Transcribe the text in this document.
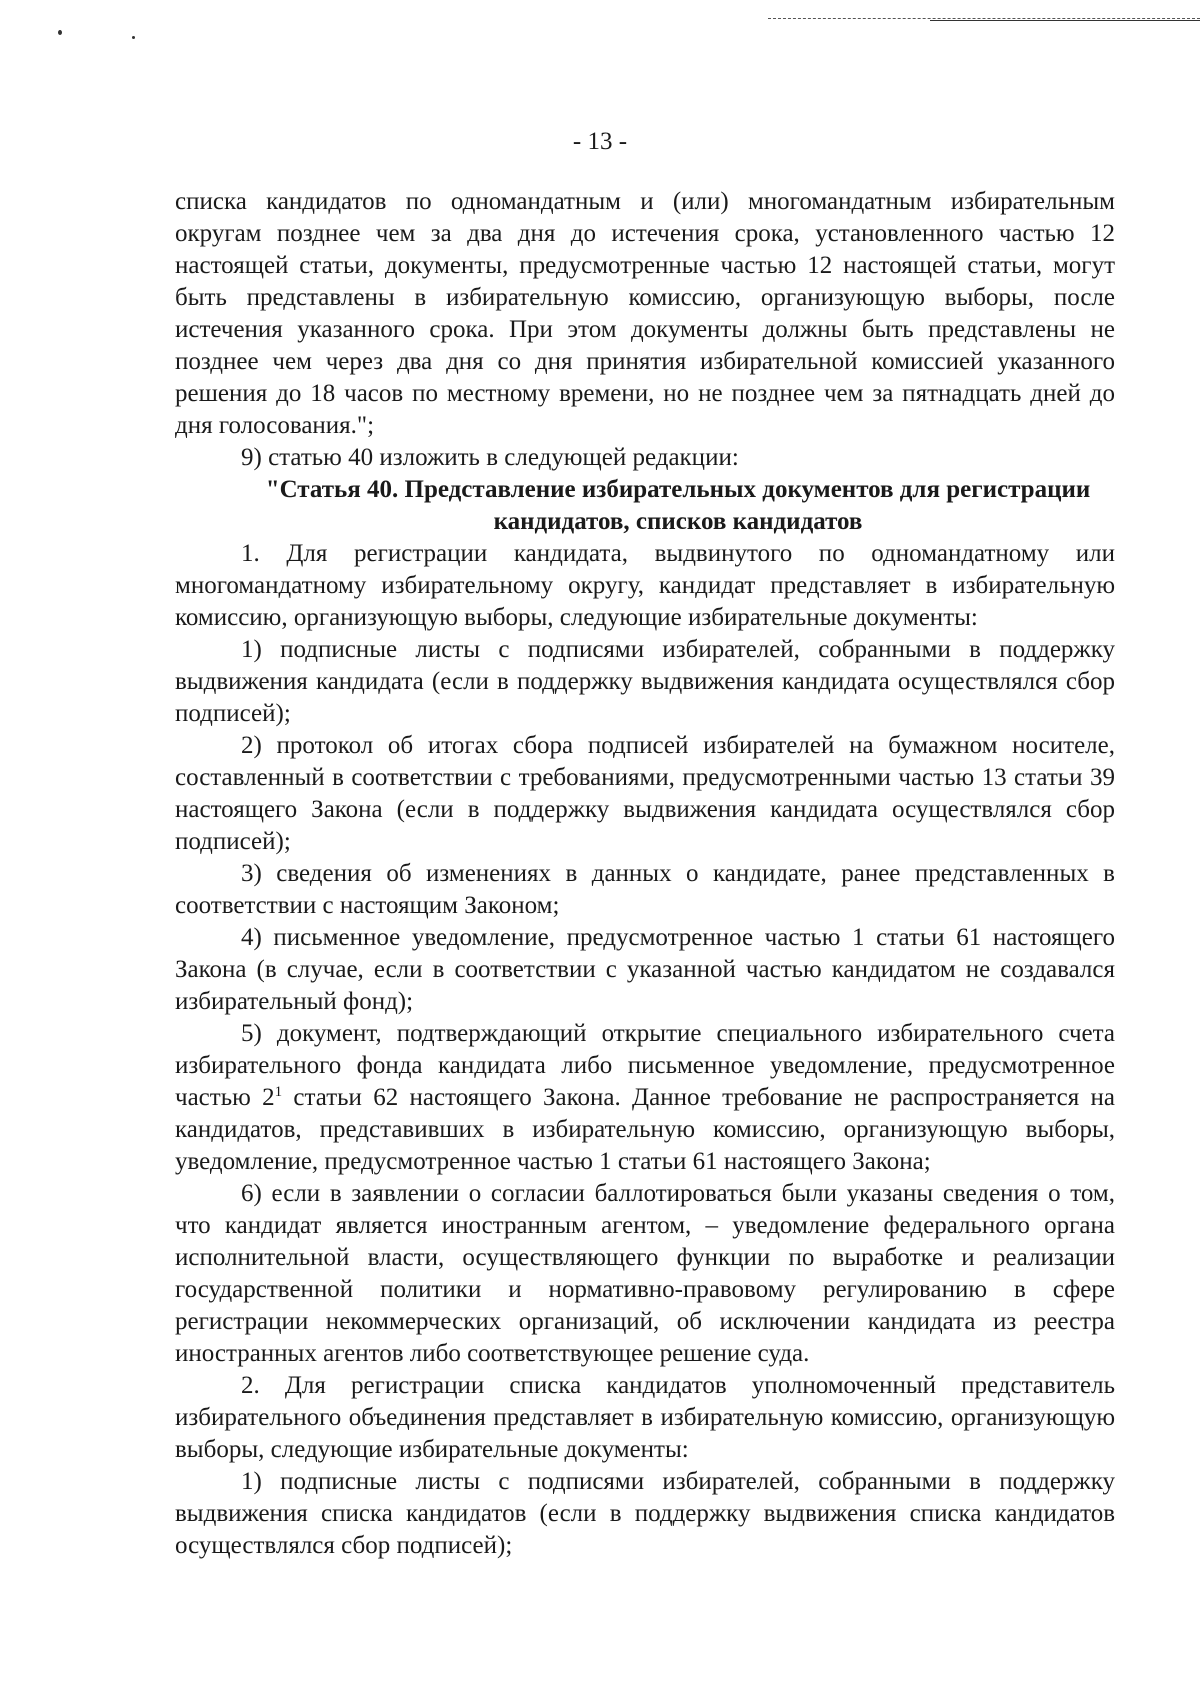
- 13 -

списка кандидатов по одномандатным и (или) многомандатным избирательным округам позднее чем за два дня до истечения срока, установленного частью 12 настоящей статьи, документы, предусмотренные частью 12 настоящей статьи, могут быть представлены в избирательную комиссию, организующую выборы, после истечения указанного срока. При этом документы должны быть представлены не позднее чем через два дня со дня принятия избирательной комиссией указанного решения до 18 часов по местному времени, но не позднее чем за пятнадцать дней до дня голосования.";

9) статью 40 изложить в следующей редакции:

"Статья 40. Представление избирательных документов для регистрации кандидатов, списков кандидатов

1. Для регистрации кандидата, выдвинутого по одномандатному или многомандатному избирательному округу, кандидат представляет в избирательную комиссию, организующую выборы, следующие избирательные документы:

1) подписные листы с подписями избирателей, собранными в поддержку выдвижения кандидата (если в поддержку выдвижения кандидата осуществлялся сбор подписей);

2) протокол об итогах сбора подписей избирателей на бумажном носителе, составленный в соответствии с требованиями, предусмотренными частью 13 статьи 39 настоящего Закона (если в поддержку выдвижения кандидата осуществлялся сбор подписей);

3) сведения об изменениях в данных о кандидате, ранее представленных в соответствии с настоящим Законом;

4) письменное уведомление, предусмотренное частью 1 статьи 61 настоящего Закона (в случае, если в соответствии с указанной частью кандидатом не создавался избирательный фонд);

5) документ, подтверждающий открытие специального избирательного счета избирательного фонда кандидата либо письменное уведомление, предусмотренное частью $2^1$ статьи 62 настоящего Закона. Данное требование не распространяется на кандидатов, представивших в избирательную комиссию, организующую выборы, уведомление, предусмотренное частью 1 статьи 61 настоящего Закона;

6) если в заявлении о согласии баллотироваться были указаны сведения о том, что кандидат является иностранным агентом, – уведомление федерального органа исполнительной власти, осуществляющего функции по выработке и реализации государственной политики и нормативно-правовому регулированию в сфере регистрации некоммерческих организаций, об исключении кандидата из реестра иностранных агентов либо соответствующее решение суда.

2. Для регистрации списка кандидатов уполномоченный представитель избирательного объединения представляет в избирательную комиссию, организующую выборы, следующие избирательные документы:

1) подписные листы с подписями избирателей, собранными в поддержку выдвижения списка кандидатов (если в поддержку выдвижения списка кандидатов осуществлялся сбор подписей);
